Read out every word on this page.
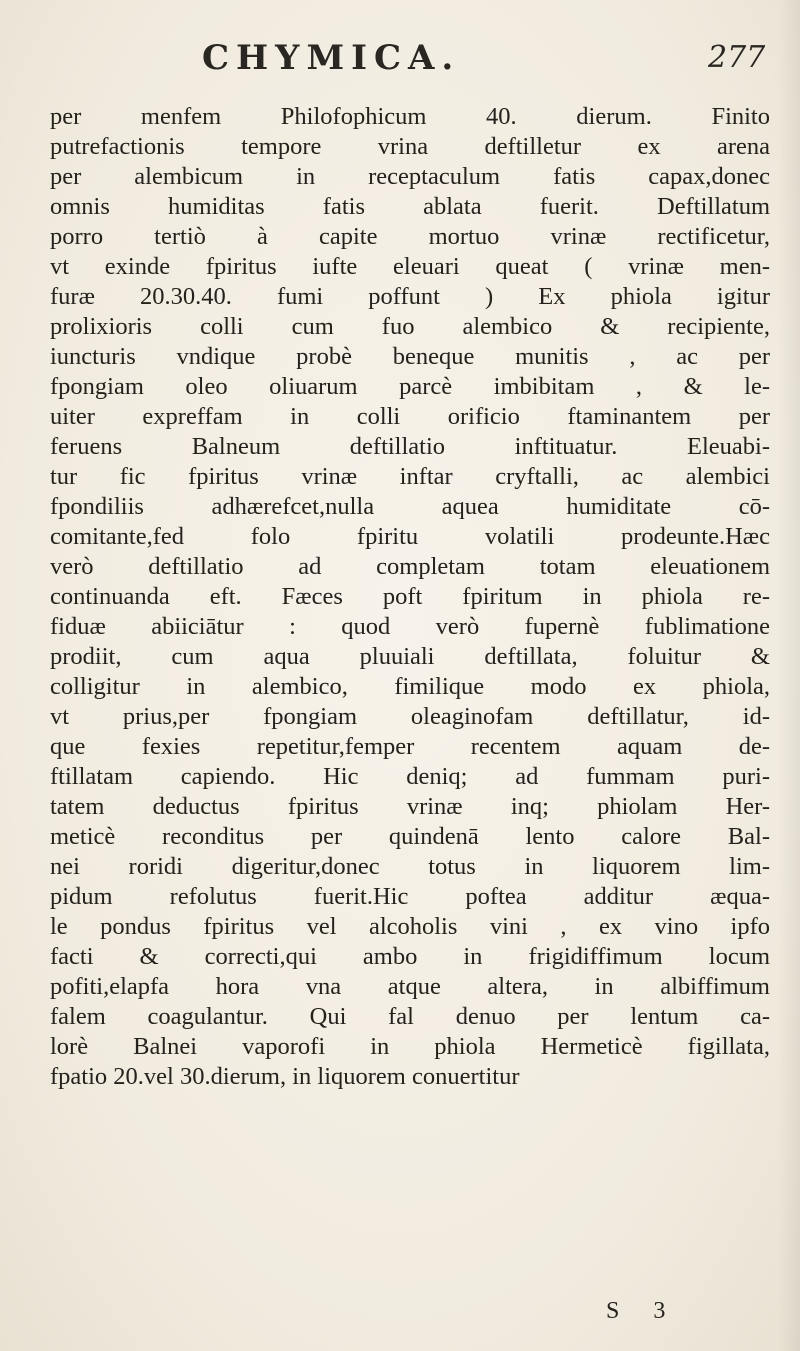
CHYMICA.	277
per menfem Philofophicum 40. dierum. Finito
putrefactionis tempore vrina deftilletur ex arena
per alembicum in receptaculum fatis capax,donec
omnis humiditas fatis ablata fuerit. Deftillatum
porro tertiò à capite mortuo vrinæ rectificetur,
vt exinde fpiritus iufte eleuari queat ( vrinæ men-
furæ 20.30.40. fumi poffunt ) Ex phiola igitur
prolixioris colli cum fuo alembico & recipiente,
iuncturis vndique probè beneque munitis , ac per
fpongiam oleo oliuarum parcè imbibitam , & le-
uiter expreffam in colli orificio ftaminantem per
feruens Balneum deftillatio inftituatur. Eleuabi-
tur fic fpiritus vrinæ inftar cryftalli, ac alembici
fpondiliis adhærefcet,nulla aquea humiditate cō-
comitante,fed folo fpiritu volatili prodeunte.Hæc
verò deftillatio ad completam totam eleuationem
continuanda eft. Fæces poft fpiritum in phiola re-
fiduæ abiiciātur : quod verò fupernè fublimatione
prodiit, cum aqua pluuiali deftillata, foluitur &
colligitur in alembico, fimilique modo ex phiola,
vt prius,per fpongiam oleaginofam deftillatur, id-
que fexies repetitur,femper recentem aquam de-
ftillatam capiendo. Hic deniq; ad fummam puri-
tatem deductus fpiritus vrinæ inq; phiolam Her-
meticè reconditus per quindenā lento calore Bal-
nei roridi digeritur,donec totus in liquorem lim-
pidum refolutus fuerit.Hic poftea additur æqua-
le pondus fpiritus vel alcoholis vini , ex vino ipfo
facti & correcti,qui ambo in frigidiffimum locum
pofiti,elapfa hora vna atque altera, in albiffimum
falem coagulantur. Qui fal denuo per lentum ca-
lorè Balnei vaporofi in phiola Hermeticè figillata,
fpatio 20.vel 30.dierum, in liquorem conuertitur
S 3
